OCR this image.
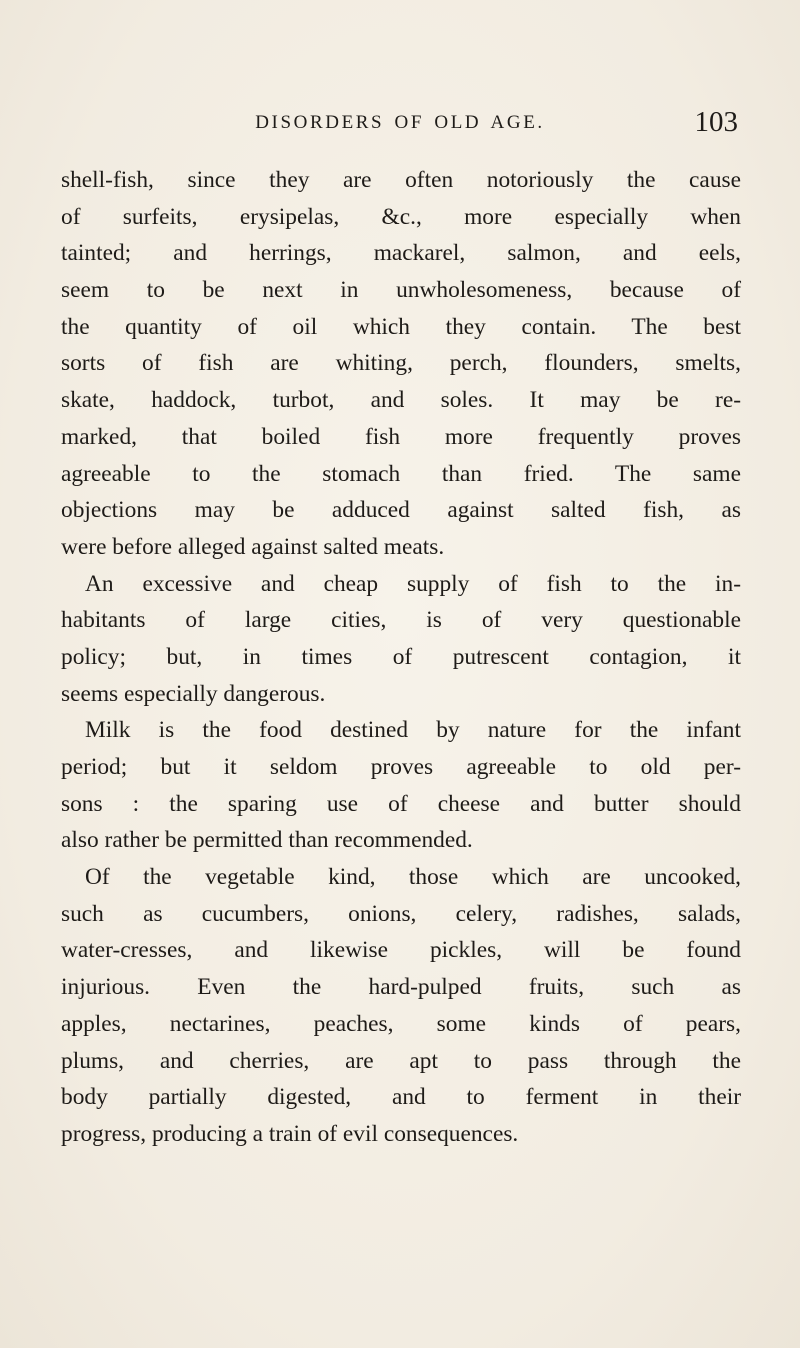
DISORDERS OF OLD AGE.	103
shell-fish, since they are often notoriously the cause
of surfeits, erysipelas, &c., more especially when
tainted; and herrings, mackarel, salmon, and eels,
seem to be next in unwholesomeness, because of
the quantity of oil which they contain. The best
sorts of fish are whiting, perch, flounders, smelts,
skate, haddock, turbot, and soles. It may be re-
marked, that boiled fish more frequently proves
agreeable to the stomach than fried. The same
objections may be adduced against salted fish, as
were before alleged against salted meats.
An excessive and cheap supply of fish to the in-
habitants of large cities, is of very questionable
policy; but, in times of putrescent contagion, it
seems especially dangerous.
Milk is the food destined by nature for the infant
period; but it seldom proves agreeable to old per-
sons : the sparing use of cheese and butter should
also rather be permitted than recommended.
Of the vegetable kind, those which are uncooked,
such as cucumbers, onions, celery, radishes, salads,
water-cresses, and likewise pickles, will be found
injurious. Even the hard-pulped fruits, such as
apples, nectarines, peaches, some kinds of pears,
plums, and cherries, are apt to pass through the
body partially digested, and to ferment in their
progress, producing a train of evil consequences.
